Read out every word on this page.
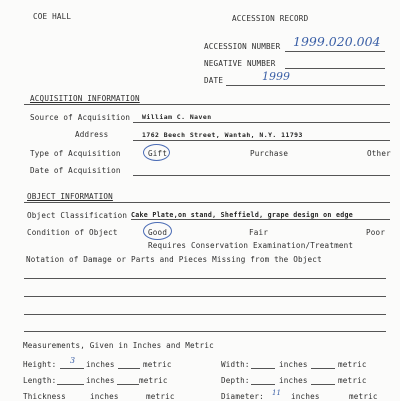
COE HALL	ACCESSION RECORD
ACCESSION NUMBER 1999.020.004
NEGATIVE NUMBER
DATE	1999
ACQUISITION INFORMATION
Source of Acquisition William C. Naven
Address	1762 Beech Street, Wantah, N.Y. 11793
Type of Acquisition	Gift	Purchase	Other
Date of Acquisition
OBJECT INFORMATION
Object Classification Cake Plate,on stand, Sheffield, grape design on edge
Condition of Object	Good	Fair	Poor
Requires Conservation Examination/Treatment
Notation of Damage or Parts and Pieces Missing from the Object
Measurements, Given in Inches and Metric
Height: 3 inches	metric	Width:	inches	metric
Length:	inches	metric	Depth:	inches	metric
Thickness	inches	metric	Diameter: 11 inches	metric
